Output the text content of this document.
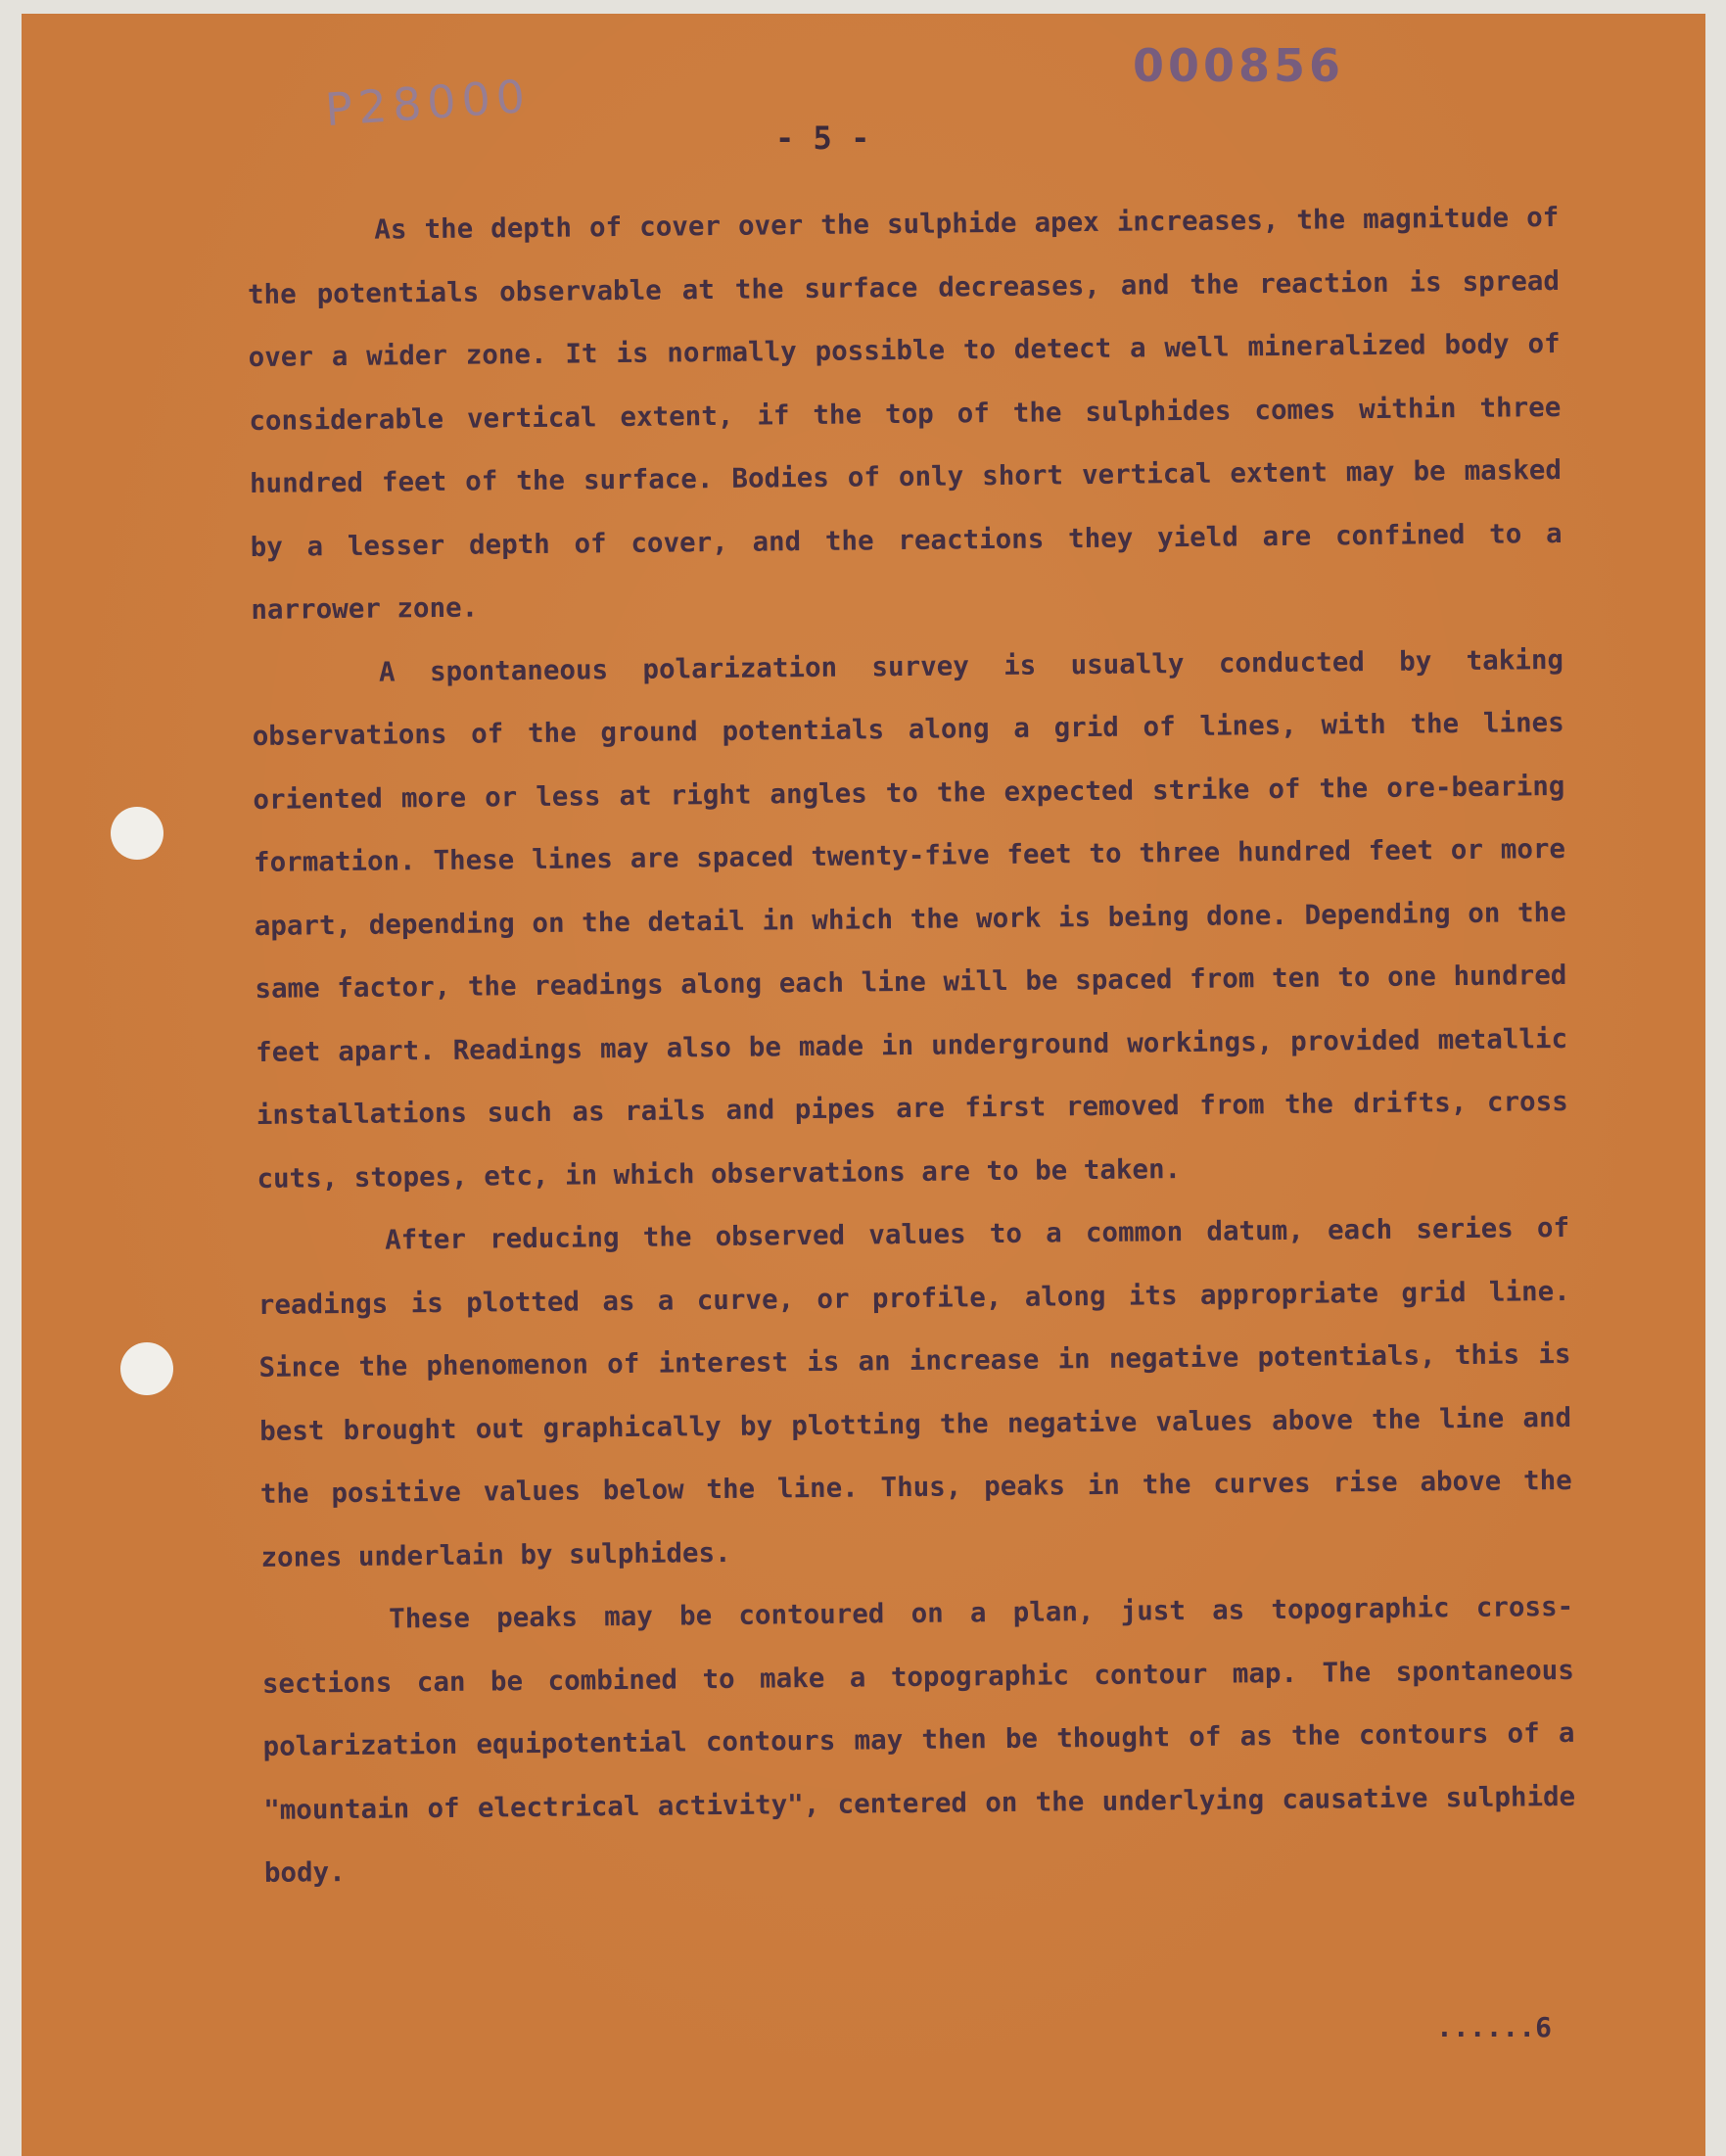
P28000
000856
- 5 -

As the depth of cover over the sulphide apex increases, the magnitude of the potentials observable at the surface decreases, and the reaction is spread over a wider zone. It is normally possible to detect a well mineralized body of considerable vertical extent, if the top of the sulphides comes within three hundred feet of the surface. Bodies of only short vertical extent may be masked by a lesser depth of cover, and the reactions they yield are confined to a narrower zone.

A spontaneous polarization survey is usually conducted by taking observations of the ground potentials along a grid of lines, with the lines oriented more or less at right angles to the expected strike of the ore-bearing formation. These lines are spaced twenty-five feet to three hundred feet or more apart, depending on the detail in which the work is being done. Depending on the same factor, the readings along each line will be spaced from ten to one hundred feet apart. Readings may also be made in underground workings, provided metallic installations such as rails and pipes are first removed from the drifts, cross cuts, stopes, etc, in which observations are to be taken.

After reducing the observed values to a common datum, each series of readings is plotted as a curve, or profile, along its appropriate grid line. Since the phenomenon of interest is an increase in negative potentials, this is best brought out graphically by plotting the negative values above the line and the positive values below the line. Thus, peaks in the curves rise above the zones underlain by sulphides.

These peaks may be contoured on a plan, just as topographic cross-sections can be combined to make a topographic contour map. The spontaneous polarization equipotential contours may then be thought of as the contours of a "mountain of electrical activity", centered on the underlying causative sulphide body.

......6
